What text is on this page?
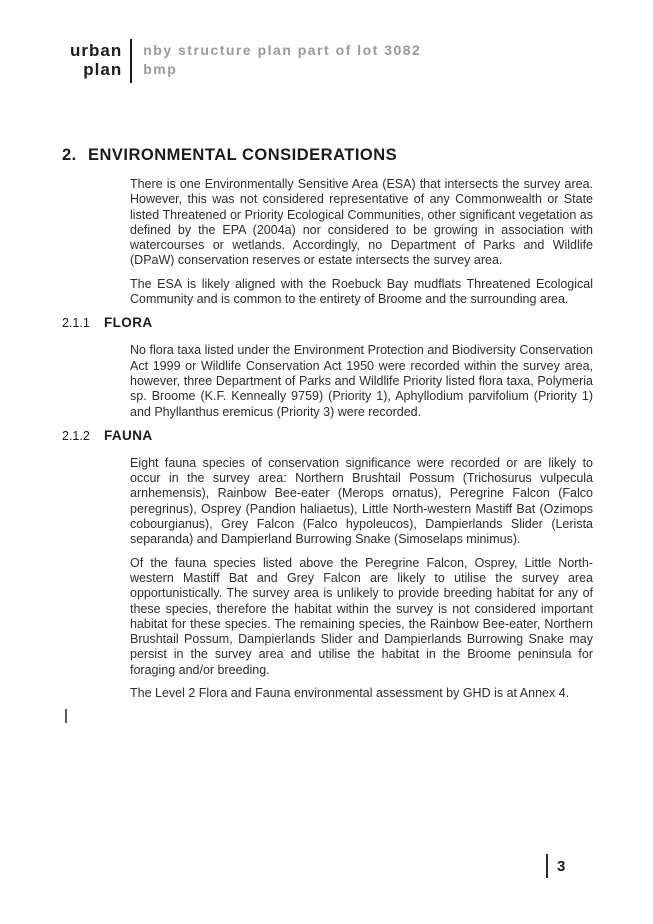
urban
plan
nby structure plan part of lot 3082
bmp
2. ENVIRONMENTAL CONSIDERATIONS

There is one Environmentally Sensitive Area (ESA) that intersects the survey area. However, this was not considered representative of any Commonwealth or State listed Threatened or Priority Ecological Communities, other significant vegetation as defined by the EPA (2004a) nor considered to be growing in association with watercourses or wetlands. Accordingly, no Department of Parks and Wildlife (DPaW) conservation reserves or estate intersects the survey area.

The ESA is likely aligned with the Roebuck Bay mudflats Threatened Ecological Community and is common to the entirety of Broome and the surrounding area.

2.1.1	FLORA

No flora taxa listed under the Environment Protection and Biodiversity Conservation Act 1999 or Wildlife Conservation Act 1950 were recorded within the survey area, however, three Department of Parks and Wildlife Priority listed flora taxa, Polymeria sp. Broome (K.F. Kenneally 9759) (Priority 1), Aphyllodium parvifolium (Priority 1) and Phyllanthus eremicus (Priority 3) were recorded.

2.1.2	FAUNA

Eight fauna species of conservation significance were recorded or are likely to occur in the survey area: Northern Brushtail Possum (Trichosurus vulpecula arnhemensis), Rainbow Bee-eater (Merops ornatus), Peregrine Falcon (Falco peregrinus), Osprey (Pandion haliaetus), Little North-western Mastiff Bat (Ozimops cobourgianus), Grey Falcon (Falco hypoleucos), Dampierlands Slider (Lerista separanda) and Dampierland Burrowing Snake (Simoselaps minimus).

Of the fauna species listed above the Peregrine Falcon, Osprey, Little North-western Mastiff Bat and Grey Falcon are likely to utilise the survey area opportunistically. The survey area is unlikely to provide breeding habitat for any of these species, therefore the habitat within the survey is not considered important habitat for these species. The remaining species, the Rainbow Bee-eater, Northern Brushtail Possum, Dampierlands Slider and Dampierlands Burrowing Snake may persist in the survey area and utilise the habitat in the Broome peninsula for foraging and/or breeding.

The Level 2 Flora and Fauna environmental assessment by GHD is at Annex 4.

3
